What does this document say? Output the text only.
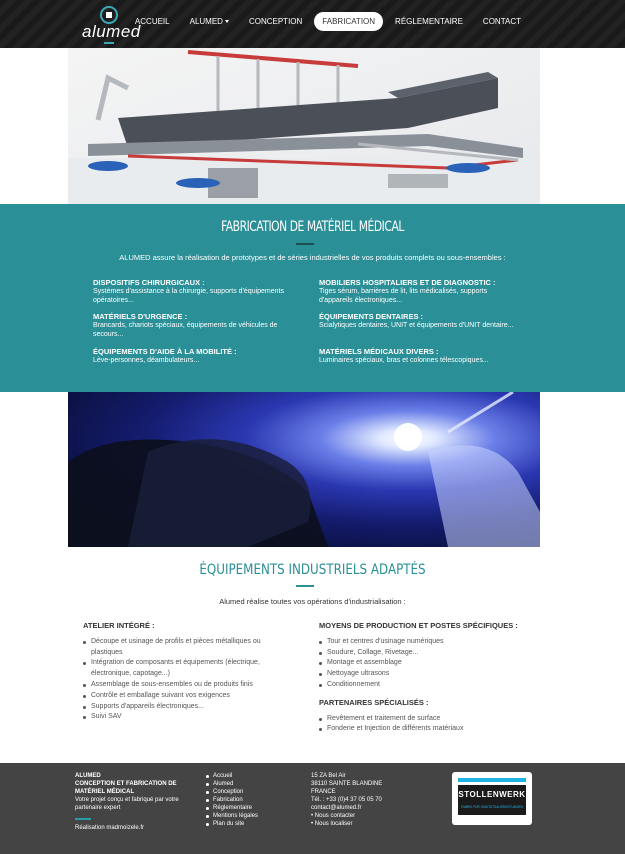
alumed
ACCUEIL	ALUMED	CONCEPTION	FABRICATION	RÉGLEMENTAIRE	CONTACT
FABRICATION DE MATÉRIEL MÉDICAL
ALUMED assure la réalisation de prototypes et de séries industrielles de vos produits complets ou sous-ensembles :
DISPOSITIFS CHIRURGICAUX :
Systèmes d'assistance à la chirurgie, supports d'équipements opératoires...
MATÉRIELS D'URGENCE :
Brancards, chariots spéciaux, équipements de véhicules de secours...
ÉQUIPEMENTS D'AIDE À LA MOBILITÉ :
Lève-personnes, déambulateurs...
MOBILIERS HOSPITALIERS ET DE DIAGNOSTIC :
Tiges sérum, barrières de lit, lits médicalisés, supports d'appareils électroniques...
ÉQUIPEMENTS DENTAIRES :
Scialytiques dentaires, UNIT et équipements d'UNIT dentaire...
MATÉRIELS MÉDICAUX DIVERS :
Luminaires spéciaux, bras et colonnes télescopiques...
ÉQUIPEMENTS INDUSTRIELS ADAPTÉS
Alumed réalise toutes vos opérations d'industrialisation :
ATELIER INTÉGRÉ :
Découpe et usinage de profils et pièces métalliques ou plastiques
Intégration de composants et équipements (électrique, électronique, capotage...)
Assemblage de sous-ensembles ou de produits finis
Contrôle et emballage suivant vos exigences
Supports d'appareils électroniques...
Suivi SAV
MOYENS DE PRODUCTION ET POSTES SPÉCIFIQUES :
Tour et centres d'usinage numériques
Soudure, Collage, Rivetage...
Montage et assemblage
Nettoyage ultrasons
Conditionnement
PARTENAIRES SPÉCIALISÉS :
Revêtement et traitement de surface
Fonderie et Injection de différents matériaux
ALUMED
CONCEPTION ET FABRICATION DE MATÉRIEL MÉDICAL
Votre projet conçu et fabriqué par votre partenaire expert
Réalisation madmoizele.fr
Accueil
Alumed
Conception
Fabrication
Réglementaire
Mentions légales
Plan du site
15 ZA Bel Air
38110 SAINTE BLANDINE
FRANCE
Tél. : +33 (0)4 37 05 05 70
contact@alumed.fr
• Nous contacter
• Nous localiser
STOLLENWERK
FABRIK FÜR SANITÄTSAUSRÜSTUNGEN
